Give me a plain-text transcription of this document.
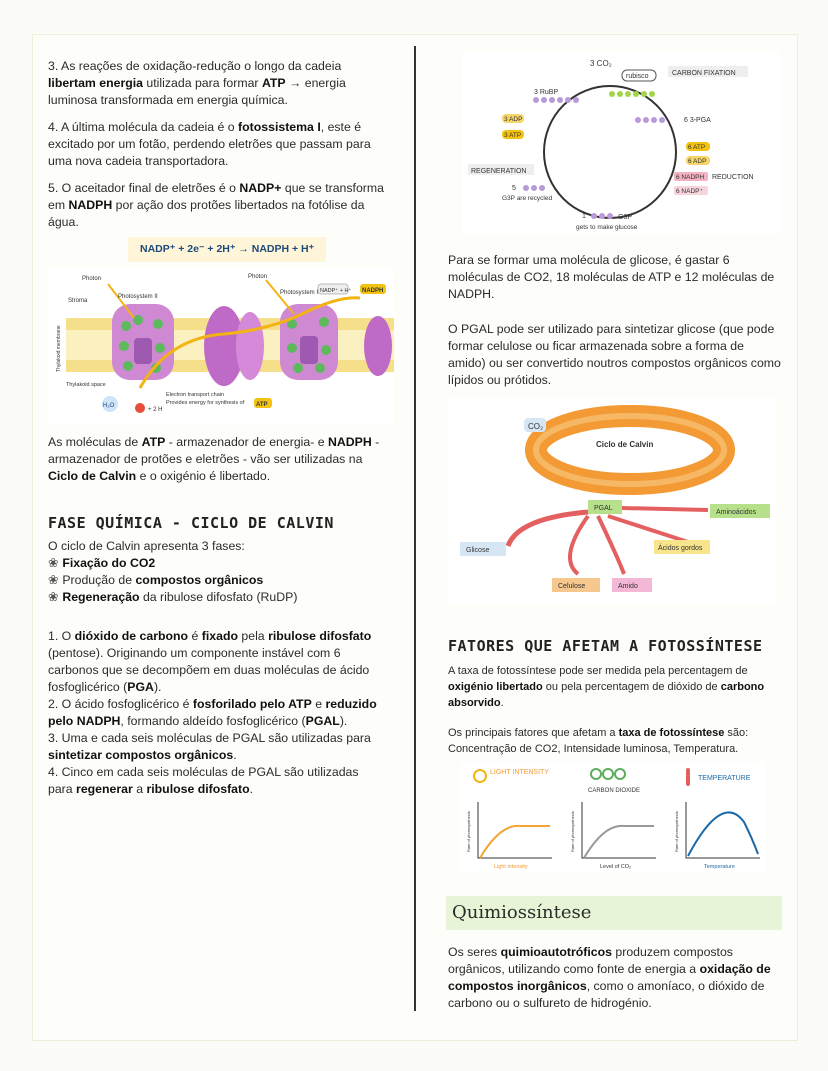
3. As reações de oxidação-redução o longo da cadeia libertam energia utilizada para formar ATP → energia luminosa transformada em energia química.

4. A última molécula da cadeia é o fotossistema I, este é excitado por um fotão, perdendo eletrões que passam para uma nova cadeia transportadora.

5. O aceitador final de eletrões é o NADP+ que se transforma em NADPH por ação dos protões libertados na fotólise da água.

NADP⁺ + 2e⁻ + 2H⁺ → NADPH + H⁺
Photon	Photon
Photosystem II
Photosystem I
Stroma
Thylakoid membrane
Thylakoid space
Electron transport chain
Provides energy for synthesis of ATP
NADP⁺ + H⁺ NADPH
H₂O
+ 2 H

As moléculas de ATP - armazenador de energia- e NADPH - armazenador de protões e eletrões - vão ser utilizadas na Ciclo de Calvin e o oxigénio é libertado.

FASE QUÍMICA - CICLO DE CALVIN

O ciclo de Calvin apresenta 3 fases:

❀ Fixação do CO2

❀ Produção de compostos orgânicos

❀ Regeneração da ribulose difosfato (RuDP)

1. O dióxido de carbono é fixado pela ribulose difosfato (pentose). Originando um componente instável com 6 carbonos que se decompõem em duas moléculas de ácido fosfoglicérico (PGA).

2. O ácido fosfoglicérico é fosforilado pelo ATP e reduzido pelo NADPH, formando aldeído fosfoglicérico (PGAL).

3. Uma e cada seis moléculas de PGAL são utilizadas para sintetizar compostos orgânicos.

4. Cinco em cada seis moléculas de PGAL são utilizadas para regenerar a ribulose difosfato.

3 CO₂
rubisco	CARBON FIXATION
3 RuBP
6 3-PGA
6 ATP
6 ADP
6 NADPH REDUCTION
6 NADP⁺
REGENERATION
3 ADP
3 ATP
5
G3P are recycled
1	G3P
gets to make glucose

Para se formar uma molécula de glicose, é gastar 6 moléculas de CO2, 18 moléculas de ATP e 12 moléculas de NADPH.

O PGAL pode ser utilizado para sintetizar glicose (que pode formar celulose ou ficar armazenada sobre a forma de amido) ou ser convertido noutros compostos orgânicos como lípidos ou prótidos.

CO₂
Ciclo de Calvin
PGAL
Aminoácidos
Glicose	Ácidos gordos
Celulose	Amido
FATORES QUE AFETAM A FOTOSSÍNTESE

A taxa de fotossíntese pode ser medida pela percentagem de oxigénio libertado ou pela percentagem de dióxido de carbono absorvido.

Os principais fatores que afetam a taxa de fotossíntese são: Concentração de CO2, Intensidade luminosa, Temperatura.

LIGHT INTENSITY
CARBON DIOXIDE
TEMPERATURE
Rate of photosynthesis	Rate of photosynthesis	Rate of photosynthesis
Light intensity	Level of CO₂	Temperature
Quimiossíntese

Os seres quimioautotróficos produzem compostos orgânicos, utilizando como fonte de energia a oxidação de compostos inorgânicos, como o amoníaco, o dióxido de carbono ou o sulfureto de hidrogénio.
